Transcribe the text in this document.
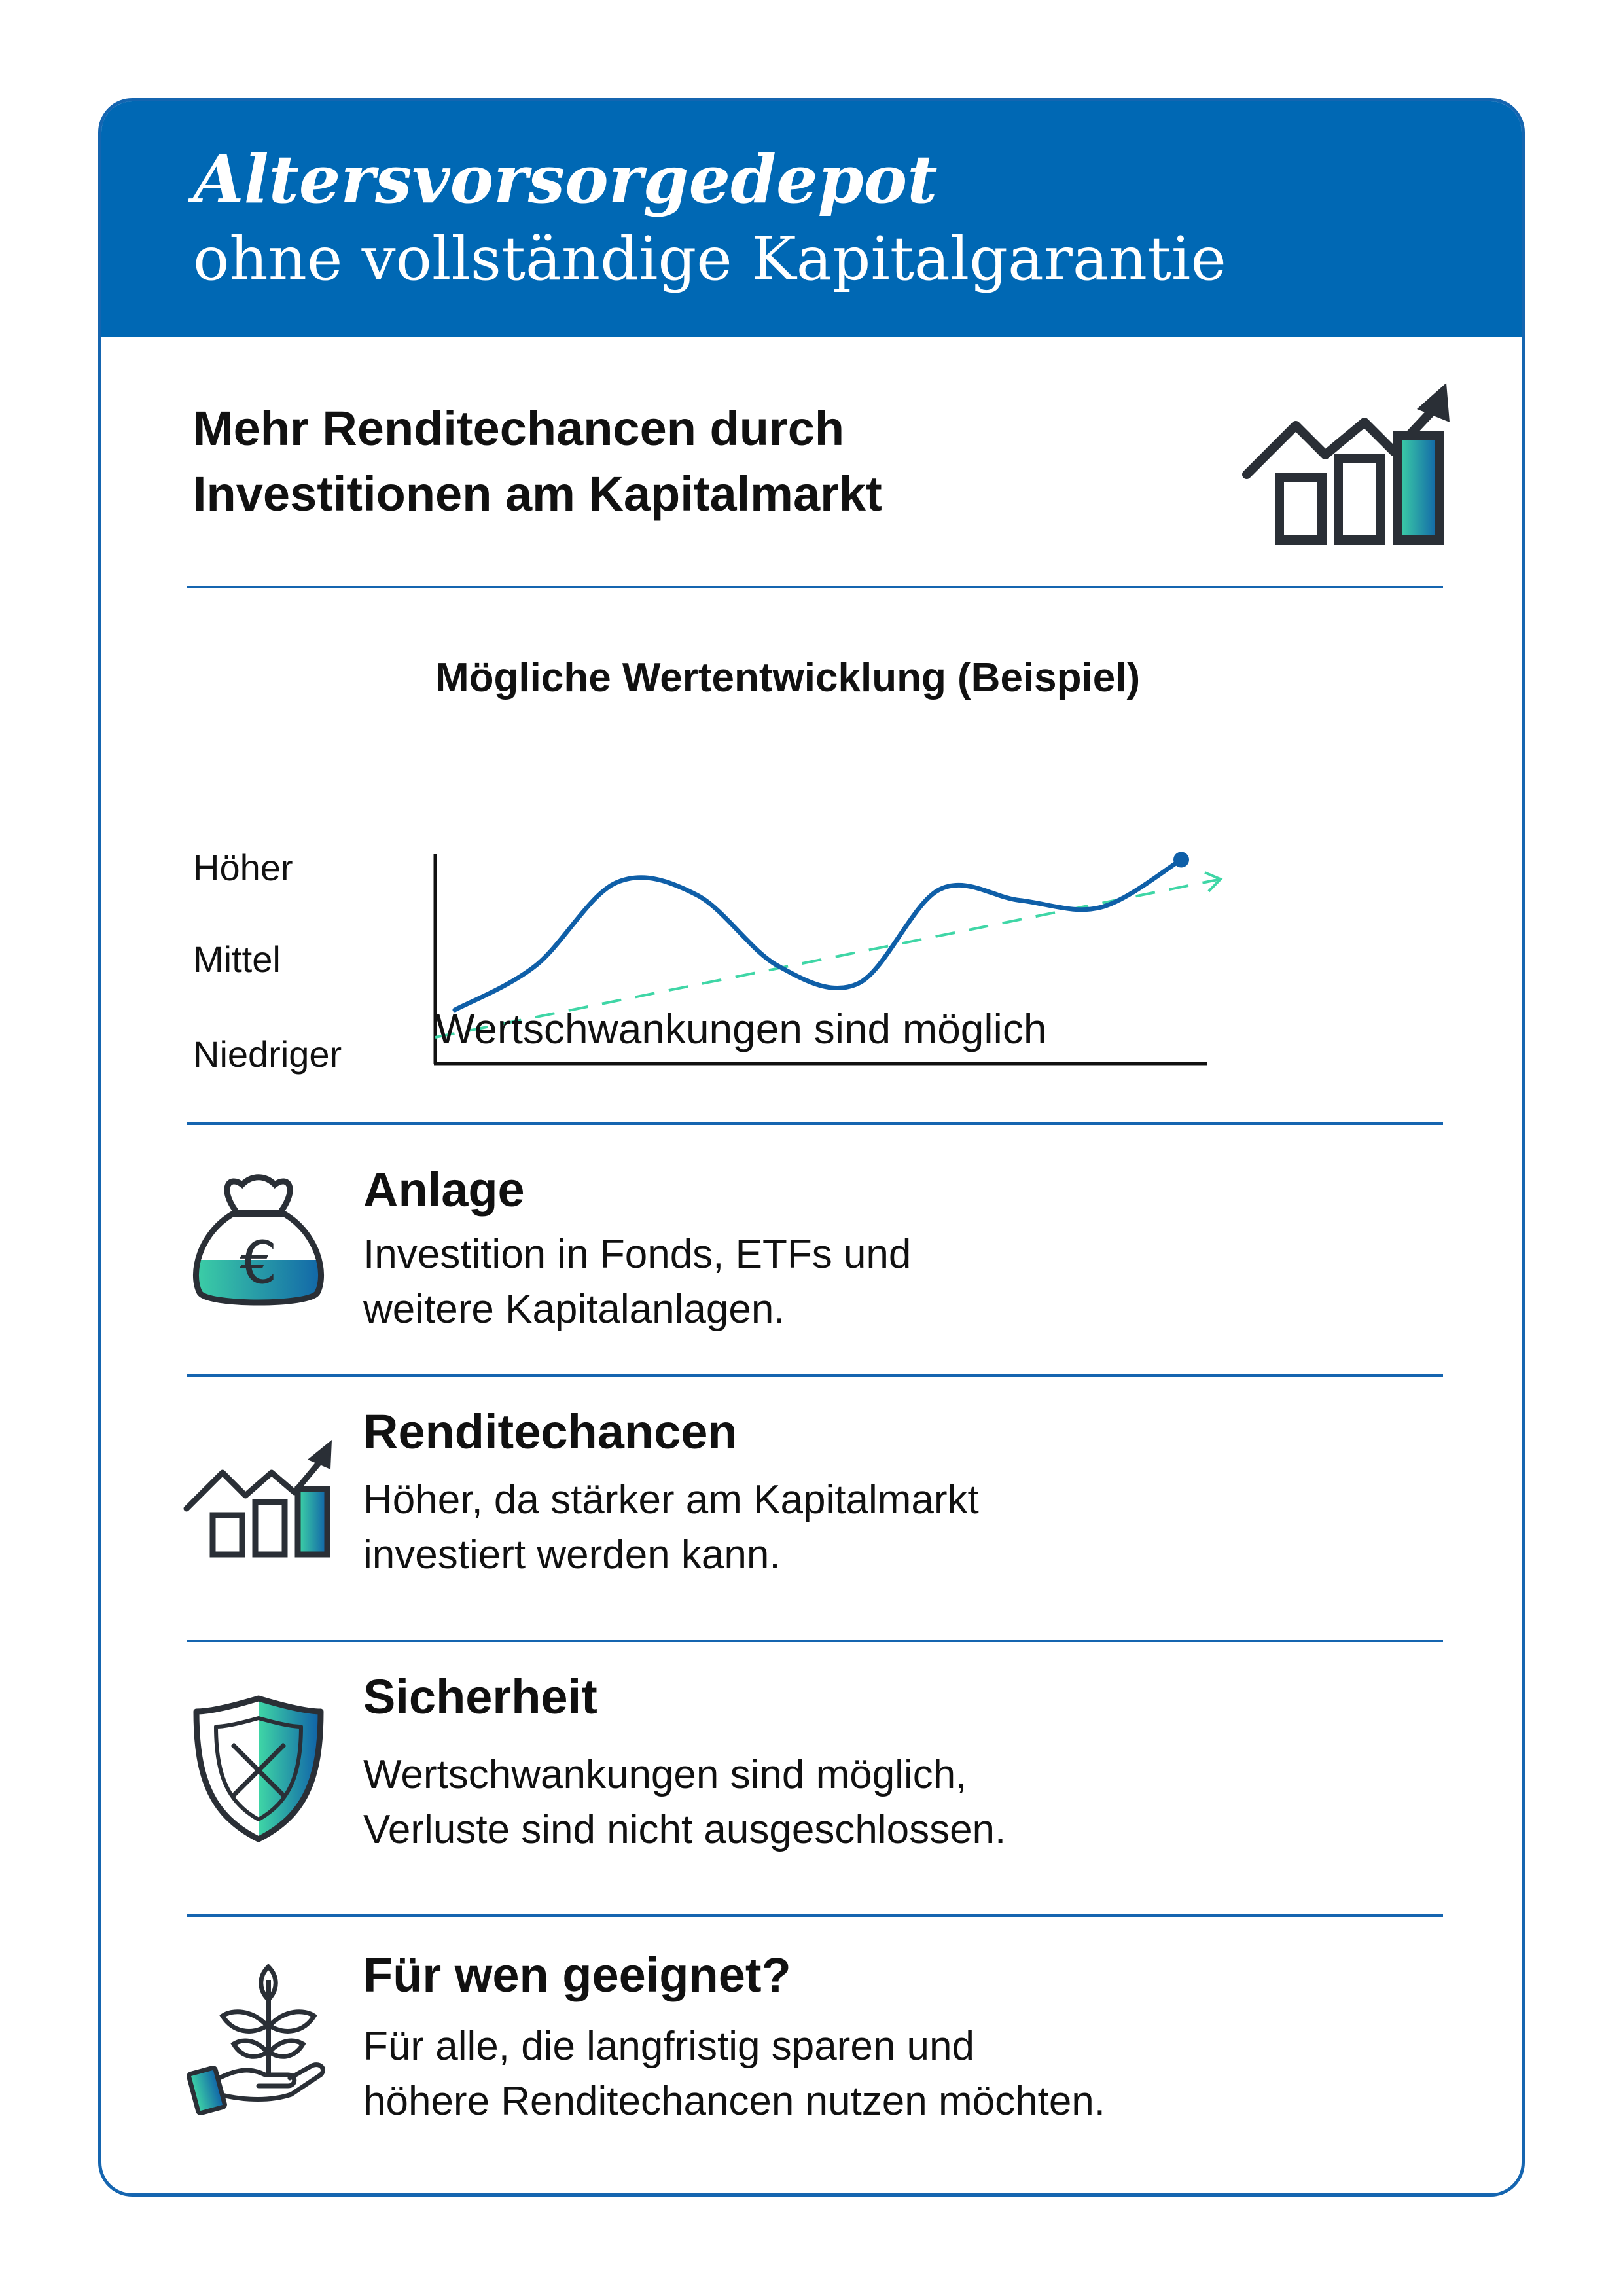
Altersvorsorgedepot
ohne vollständige Kapitalgarantie
Mehr Renditechancen durch
Investitionen am Kapitalmarkt
Mögliche Wertentwicklung (Beispiel)
Höher
Mittel
Niedriger
Wertschwankungen sind möglich
€
Anlage
Investition in Fonds, ETFs und
weitere Kapitalanlagen.
Renditechancen
Höher, da stärker am Kapitalmarkt
investiert werden kann.
Sicherheit
Wertschwankungen sind möglich,
Verluste sind nicht ausgeschlossen.
Für wen geeignet?
Für alle, die langfristig sparen und
höhere Renditechancen nutzen möchten.
